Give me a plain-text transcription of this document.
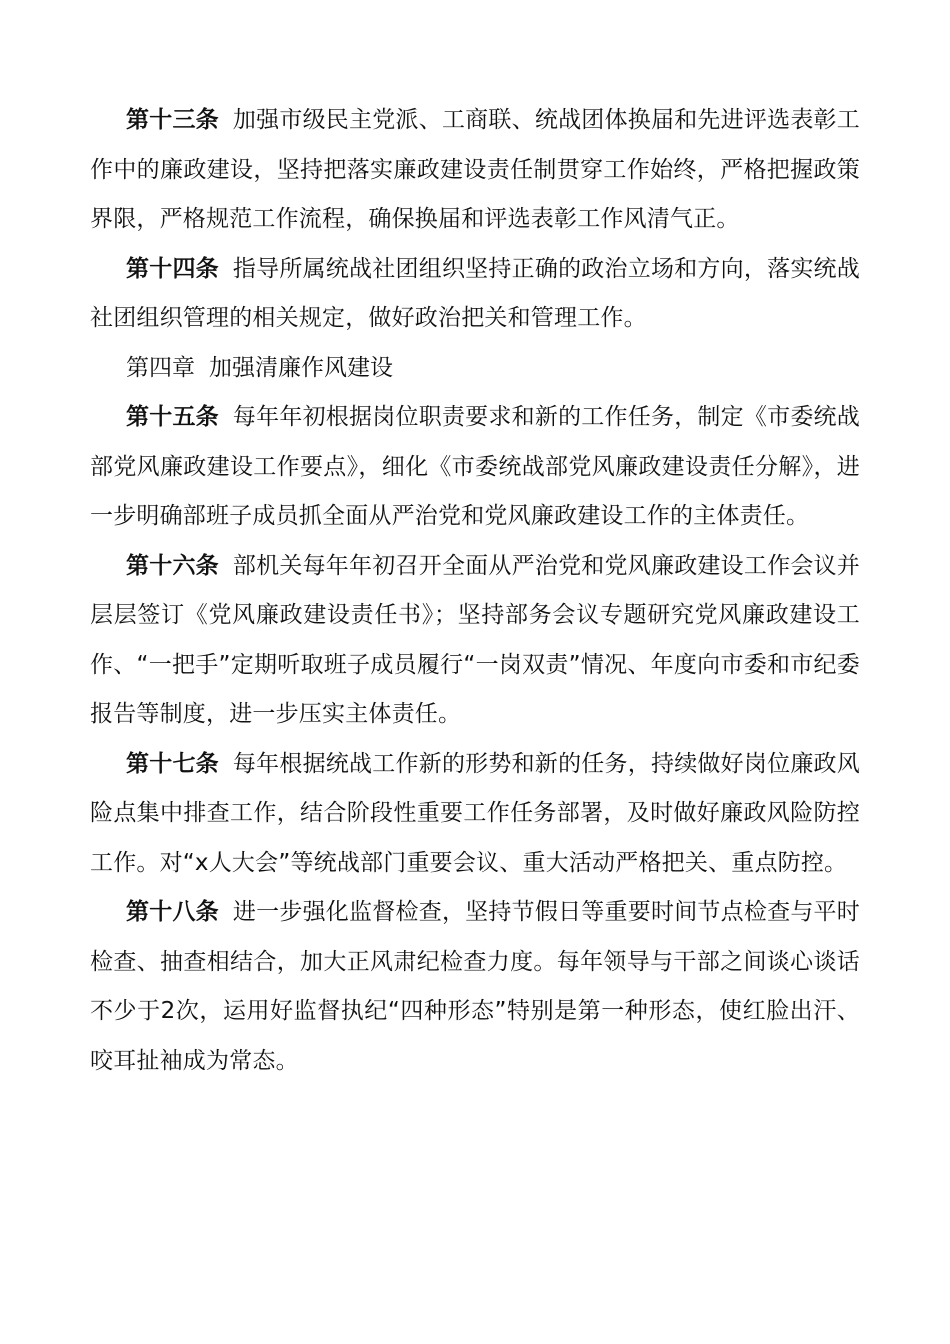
第十三条 加强市级民主党派、工商联、统战团体换届和先进评选表彰工作中的廉政建设，坚持把落实廉政建设责任制贯穿工作始终，严格把握政策界限，严格规范工作流程，确保换届和评选表彰工作风清气正。

第十四条 指导所属统战社团组织坚持正确的政治立场和方向，落实统战社团组织管理的相关规定，做好政治把关和管理工作。

第四章 加强清廉作风建设

第十五条 每年年初根据岗位职责要求和新的工作任务，制定《市委统战部党风廉政建设工作要点》，细化《市委统战部党风廉政建设责任分解》，进一步明确部班子成员抓全面从严治党和党风廉政建设工作的主体责任。

第十六条 部机关每年年初召开全面从严治党和党风廉政建设工作会议并层层签订《党风廉政建设责任书》；坚持部务会议专题研究党风廉政建设工作、“一把手”定期听取班子成员履行“一岗双责”情况、年度向市委和市纪委报告等制度，进一步压实主体责任。

第十七条 每年根据统战工作新的形势和新的任务，持续做好岗位廉政风险点集中排查工作，结合阶段性重要工作任务部署，及时做好廉政风险防控工作。对“x人大会”等统战部门重要会议、重大活动严格把关、重点防控。

第十八条 进一步强化监督检查，坚持节假日等重要时间节点检查与平时检查、抽查相结合，加大正风肃纪检查力度。每年领导与干部之间谈心谈话不少于2次，运用好监督执纪“四种形态”特别是第一种形态，使红脸出汗、咬耳扯袖成为常态。
